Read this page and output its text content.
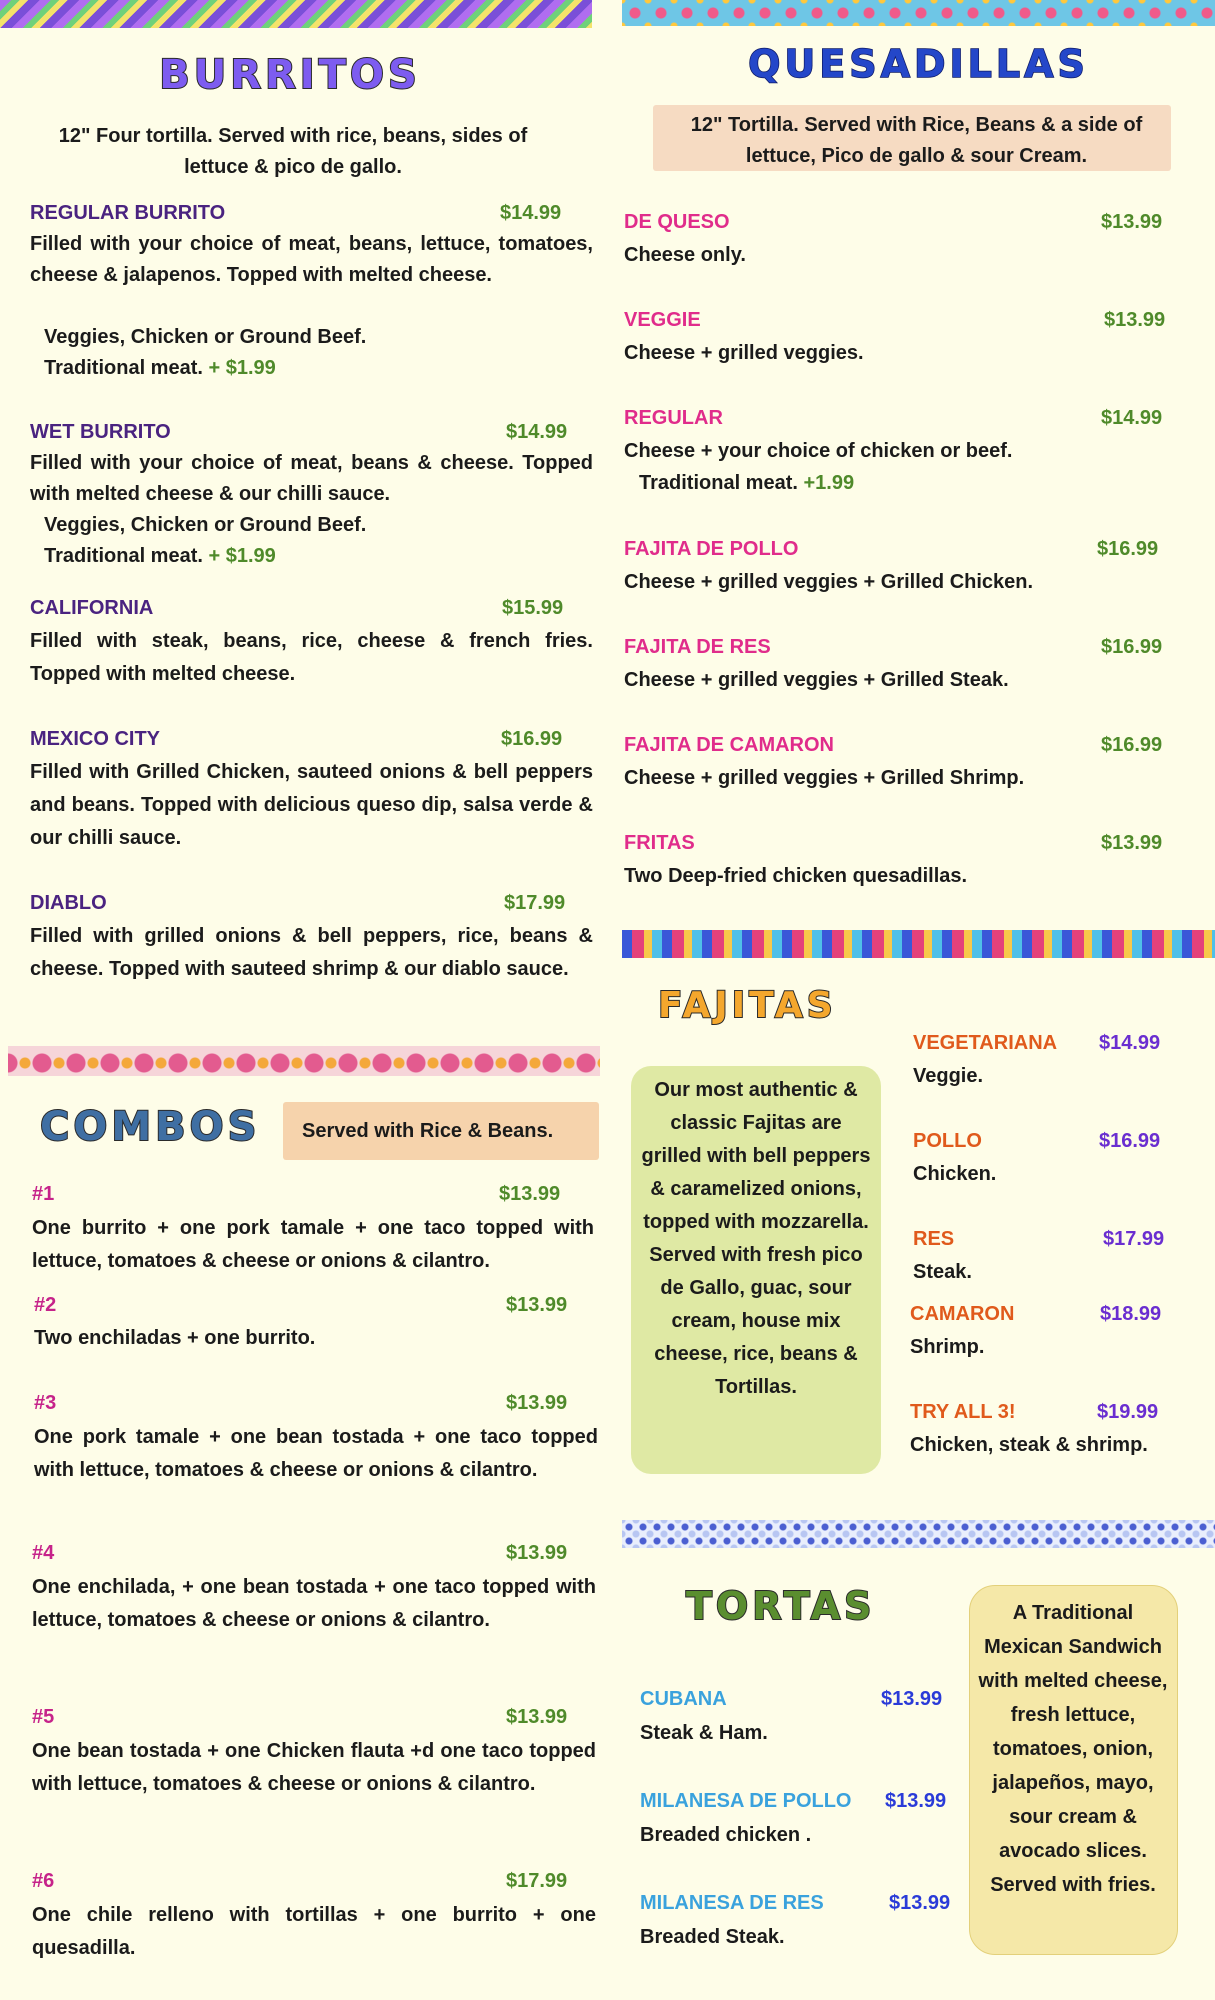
BURRITOS
12" Four tortilla. Served with rice, beans, sides of lettuce & pico de gallo.
REGULAR BURRITO	$14.99
Filled with your choice of meat, beans, lettuce, tomatoes, cheese & jalapenos. Topped with melted cheese.
Veggies, Chicken or Ground Beef.
Traditional meat. + $1.99
WET BURRITO	$14.99
Filled with your choice of meat, beans & cheese. Topped with melted cheese & our chilli sauce.
Veggies, Chicken or Ground Beef.
Traditional meat. + $1.99
CALIFORNIA	$15.99
Filled with steak, beans, rice, cheese & french fries. Topped with melted cheese.
MEXICO CITY	$16.99
Filled with Grilled Chicken, sauteed onions & bell peppers and beans. Topped with delicious queso dip, salsa verde & our chilli sauce.
DIABLO	$17.99
Filled with grilled onions & bell peppers, rice, beans & cheese. Topped with sauteed shrimp & our diablo sauce.
QUESADILLAS
12" Tortilla. Served with Rice, Beans & a side of lettuce, Pico de gallo & sour Cream.
DE QUESO	$13.99
Cheese only.
VEGGIE	$13.99
Cheese + grilled veggies.
REGULAR	$14.99
Cheese + your choice of chicken or beef.
Traditional meat. +1.99
FAJITA DE POLLO	$16.99
Cheese + grilled veggies + Grilled Chicken.
FAJITA DE RES	$16.99
Cheese + grilled veggies + Grilled Steak.
FAJITA DE CAMARON	$16.99
Cheese + grilled veggies + Grilled Shrimp.
FRITAS	$13.99
Two Deep-fried chicken quesadillas.
COMBOS Served with Rice & Beans.
#1	$13.99
One burrito + one pork tamale + one taco topped with lettuce, tomatoes & cheese or onions & cilantro.
#2	$13.99
Two enchiladas + one burrito.
#3	$13.99
One pork tamale + one bean tostada + one taco topped with lettuce, tomatoes & cheese or onions & cilantro.
#4	$13.99
One enchilada, + one bean tostada + one taco topped with lettuce, tomatoes & cheese or onions & cilantro.
#5	$13.99
One bean tostada + one Chicken flauta +d one taco topped with lettuce, tomatoes & cheese or onions & cilantro.
#6	$17.99
One chile relleno with tortillas + one burrito + one quesadilla.
FAJITAS
Our most authentic & classic Fajitas are grilled with bell peppers & caramelized onions, topped with mozzarella. Served with fresh pico de Gallo, guac, sour cream, house mix cheese, rice, beans & Tortillas.
VEGETARIANA $14.99
Veggie.
POLLO	$16.99
Chicken.
RES	$17.99
Steak.
CAMARON	$18.99
Shrimp.
TRY ALL 3!	$19.99
Chicken, steak & shrimp.
TORTAS	A Traditional Mexican Sandwich with melted cheese, fresh lettuce, tomatoes, onion, jalapeños, mayo, sour cream & avocado slices. Served with fries.
CUBANA	$13.99
Steak & Ham.
MILANESA DE POLLO $13.99
Breaded chicken .
MILANESA DE RES	$13.99
Breaded Steak.
